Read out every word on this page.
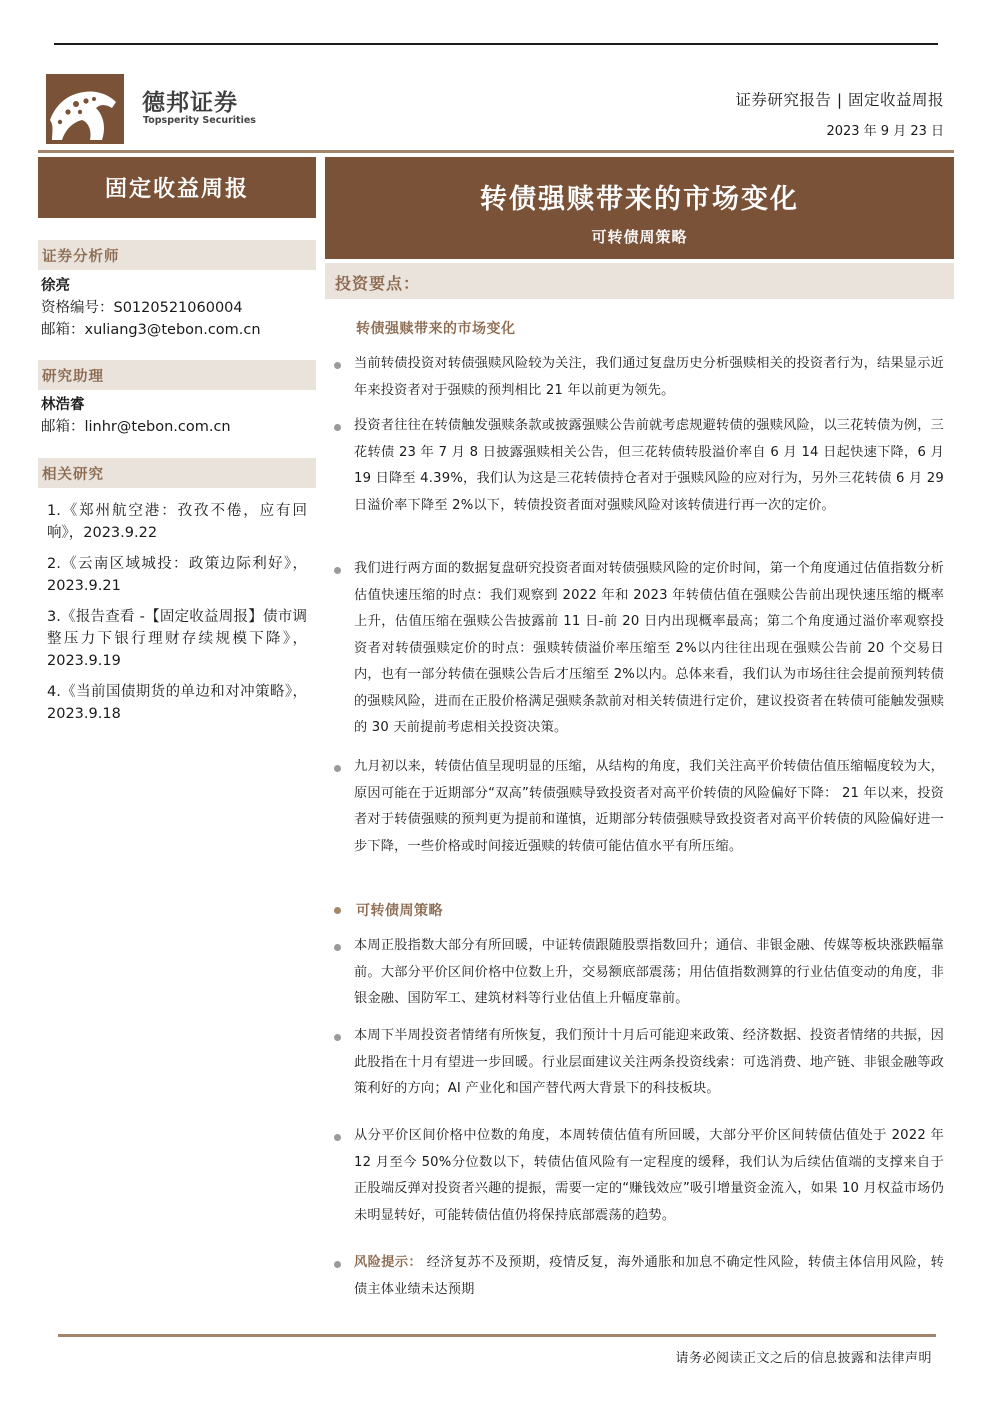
德邦证券
Topsperity Securities
证券研究报告 | 固定收益周报
2023 年 9 月 23 日
固定收益周报
证券分析师
徐亮
资格编号：S0120521060004
邮箱：xuliang3@tebon.com.cn
研究助理
林浩睿
邮箱：linhr@tebon.com.cn
相关研究
1.《郑州航空港：孜孜不倦，应有回响》，2023.9.22
2.《云南区域城投：政策边际利好》，2023.9.21
3.《报告查看 -【固定收益周报】债市调整压力下银行理财存续规模下降》，2023.9.19
4.《当前国债期货的单边和对冲策略》，2023.9.18
转债强赎带来的市场变化
可转债周策略
投资要点：
转债强赎带来的市场变化
当前转债投资对转债强赎风险较为关注，我们通过复盘历史分析强赎相关的投资者行为，结果显示近年来投资者对于强赎的预判相比 21 年以前更为领先。
投资者往往在转债触发强赎条款或披露强赎公告前就考虑规避转债的强赎风险，以三花转债为例，三花转债 23 年 7 月 8 日披露强赎相关公告，但三花转债转股溢价率自 6 月 14 日起快速下降，6 月 19 日降至 4.39%，我们认为这是三花转债持仓者对于强赎风险的应对行为，另外三花转债 6 月 29 日溢价率下降至 2%以下，转债投资者面对强赎风险对该转债进行再一次的定价。
我们进行两方面的数据复盘研究投资者面对转债强赎风险的定价时间，第一个角度通过估值指数分析估值快速压缩的时点：我们观察到 2022 年和 2023 年转债估值在强赎公告前出现快速压缩的概率上升，估值压缩在强赎公告披露前 11 日-前 20 日内出现概率最高；第二个角度通过溢价率观察投资者对转债强赎定价的时点：强赎转债溢价率压缩至 2%以内往往出现在强赎公告前 20 个交易日内，也有一部分转债在强赎公告后才压缩至 2%以内。总体来看，我们认为市场往往会提前预判转债的强赎风险，进而在正股价格满足强赎条款前对相关转债进行定价，建议投资者在转债可能触发强赎的 30 天前提前考虑相关投资决策。
九月初以来，转债估值呈现明显的压缩，从结构的角度，我们关注高平价转债估值压缩幅度较为大，原因可能在于近期部分“双高”转债强赎导致投资者对高平价转债的风险偏好下降： 21 年以来，投资者对于转债强赎的预判更为提前和谨慎，近期部分转债强赎导致投资者对高平价转债的风险偏好进一步下降，一些价格或时间接近强赎的转债可能估值水平有所压缩。
可转债周策略
本周正股指数大部分有所回暖，中证转债跟随股票指数回升；通信、非银金融、传媒等板块涨跌幅靠前。大部分平价区间价格中位数上升，交易额底部震荡；用估值指数测算的行业估值变动的角度，非银金融、国防军工、建筑材料等行业估值上升幅度靠前。
本周下半周投资者情绪有所恢复，我们预计十月后可能迎来政策、经济数据、投资者情绪的共振，因此股指在十月有望进一步回暖。行业层面建议关注两条投资线索：可选消费、地产链、非银金融等政策利好的方向；AI 产业化和国产替代两大背景下的科技板块。
从分平价区间价格中位数的角度，本周转债估值有所回暖，大部分平价区间转债估值处于 2022 年 12 月至今 50%分位数以下，转债估值风险有一定程度的缓释，我们认为后续估值端的支撑来自于正股端反弹对投资者兴趣的提振，需要一定的“赚钱效应”吸引增量资金流入，如果 10 月权益市场仍未明显转好，可能转债估值仍将保持底部震荡的趋势。
风险提示： 经济复苏不及预期，疫情反复，海外通胀和加息不确定性风险，转债主体信用风险，转债主体业绩未达预期
请务必阅读正文之后的信息披露和法律声明
